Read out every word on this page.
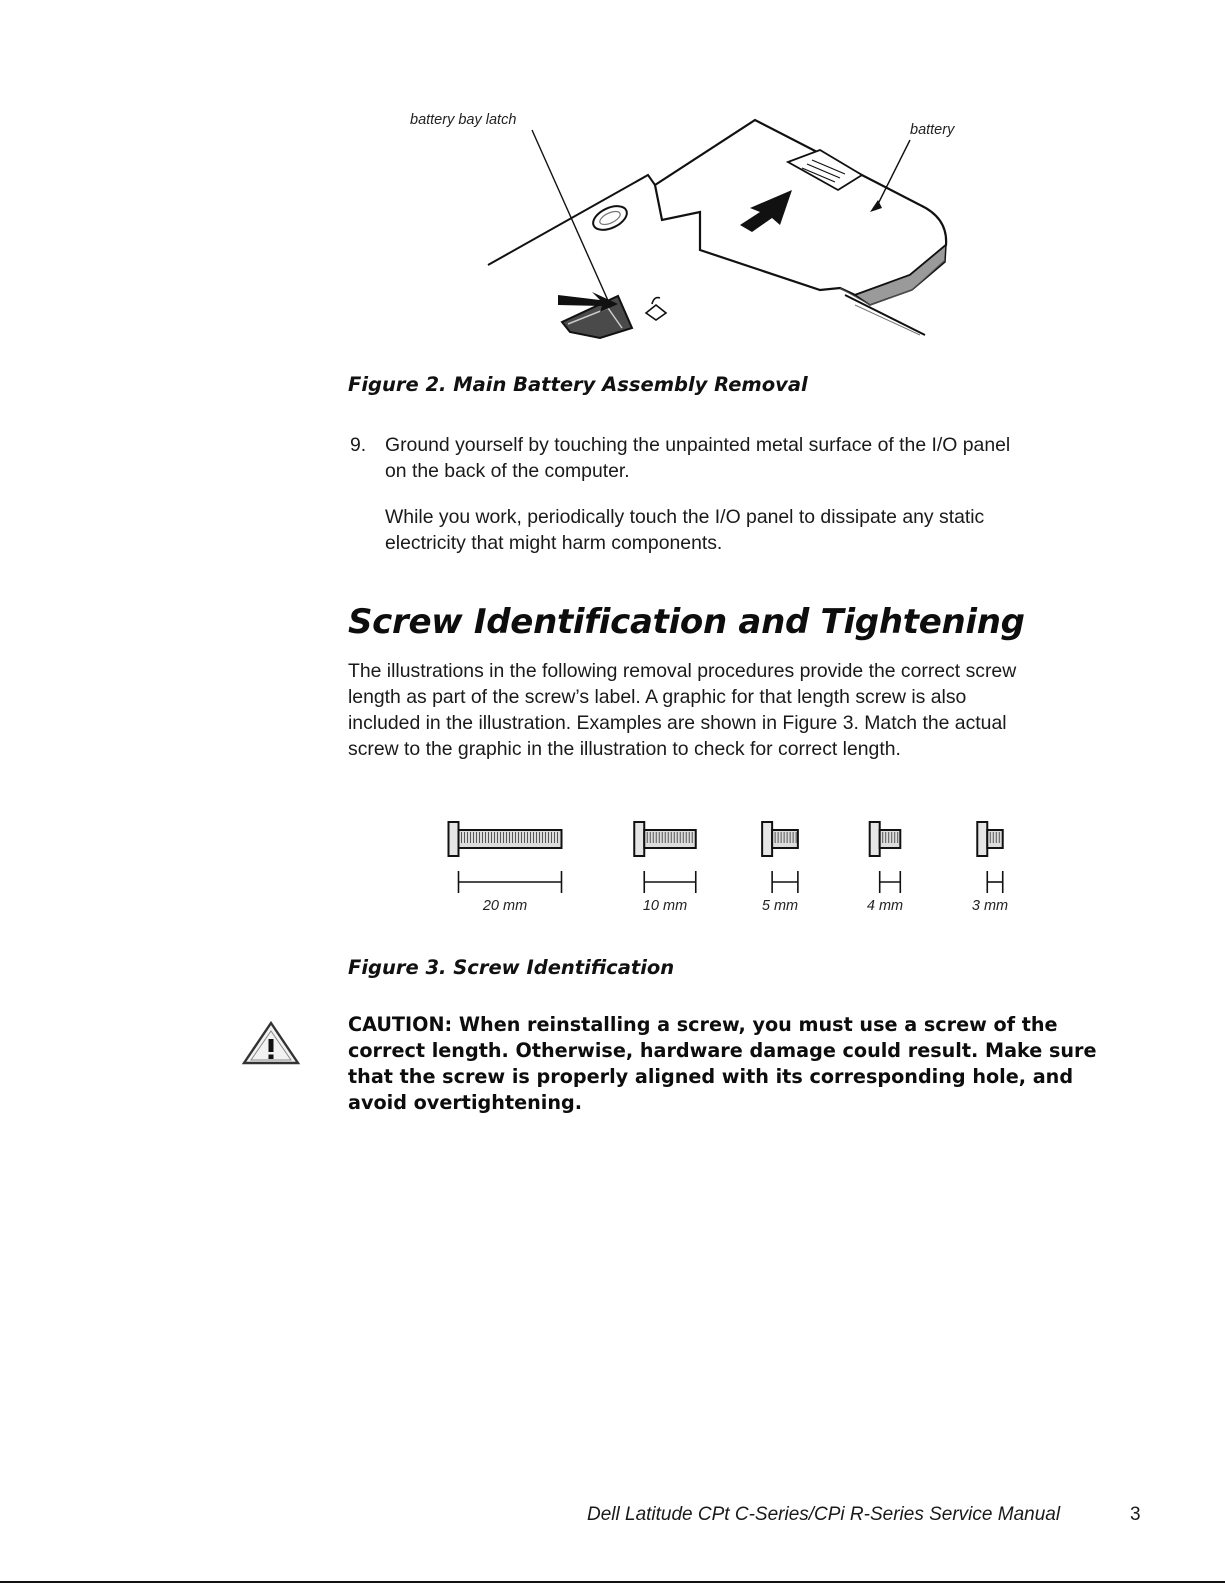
battery bay latch
battery
Figure 2. Main Battery Assembly Removal
9. Ground yourself by touching the unpainted metal surface of the I/O panel
on the back of the computer.
While you work, periodically touch the I/O panel to dissipate any static
electricity that might harm components.
Screw Identification and Tightening
The illustrations in the following removal procedures provide the correct screw
length as part of the screw’s label. A graphic for that length screw is also
included in the illustration. Examples are shown in Figure 3. Match the actual
screw to the graphic in the illustration to check for correct length.
20 mm	10 mm	5 mm	4 mm	3 mm
Figure 3. Screw Identification
CAUTION: When reinstalling a screw, you must use a screw of the
correct length. Otherwise, hardware damage could result. Make sure
that the screw is properly aligned with its corresponding hole, and
avoid overtightening.
Dell Latitude CPt C-Series/CPi R-Series Service Manual	3
